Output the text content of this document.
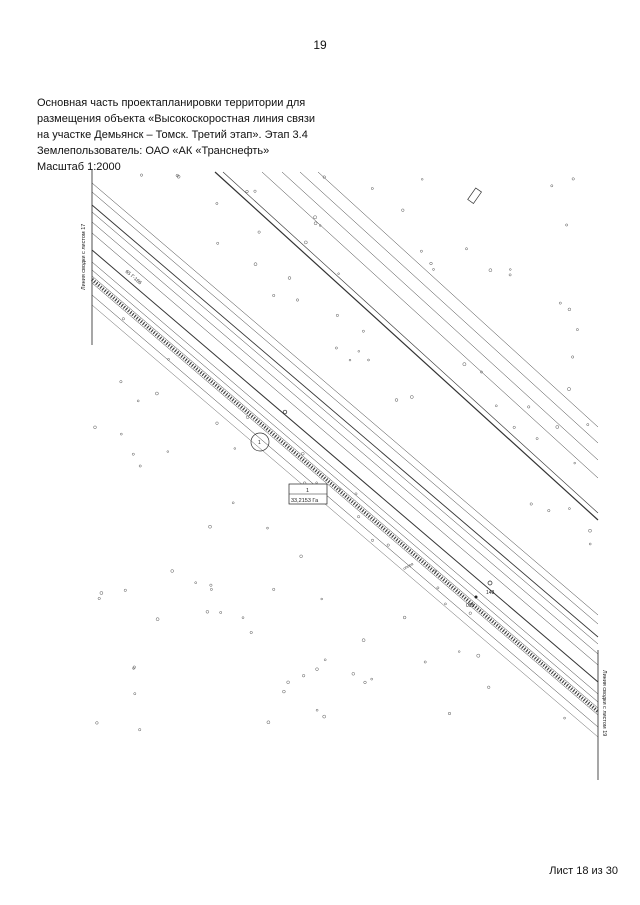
19
Основная часть проектапланировки территории для
размещения объекта «Высокоскоростная линия связи
на участке Демьянск – Томск. Третий этап». Этап 3.4
Землепользователь: ОАО «АК «Транснефть»
Масштаб 1:2000
Линия сводки с листом 17
Линия сводки с листом 19
1
1
33,2153 Га
65 Г-166
опора
148
095
Лист 18 из 30
